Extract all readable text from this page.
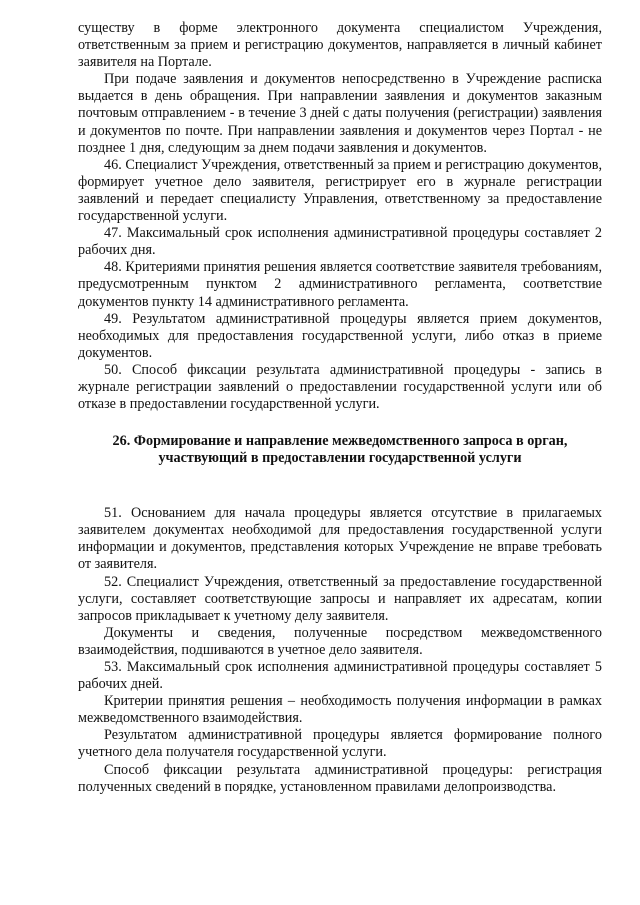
существу в форме электронного документа специалистом Учреждения, ответственным за прием и регистрацию документов, направляется в личный кабинет заявителя на Портале.

При подаче заявления и документов непосредственно в Учреждение расписка выдается в день обращения. При направлении заявления и документов заказным почтовым отправлением - в течение 3 дней с даты получения (регистрации) заявления и документов по почте. При направлении заявления и документов через Портал - не позднее 1 дня, следующим за днем подачи заявления и документов.

46. Специалист Учреждения, ответственный за прием и регистрацию документов, формирует учетное дело заявителя, регистрирует его в журнале регистрации заявлений и передает специалисту Управления, ответственному за предоставление государственной услуги.

47. Максимальный срок исполнения административной процедуры составляет 2 рабочих дня.

48. Критериями принятия решения является соответствие заявителя требованиям, предусмотренным пунктом 2 административного регламента, соответствие документов пункту 14 административного регламента.

49. Результатом административной процедуры является прием документов, необходимых для предоставления государственной услуги, либо отказ в приеме документов.

50. Способ фиксации результата административной процедуры - запись в журнале регистрации заявлений о предоставлении государственной услуги или об отказе в предоставлении государственной услуги.

26. Формирование и направление межведомственного запроса в орган,
участвующий в предоставлении государственной услуги

51. Основанием для начала процедуры является отсутствие в прилагаемых заявителем документах необходимой для предоставления государственной услуги информации и документов, представления которых Учреждение не вправе требовать от заявителя.

52. Специалист Учреждения, ответственный за предоставление государственной услуги, составляет соответствующие запросы и направляет их адресатам, копии запросов прикладывает к учетному делу заявителя.

Документы и сведения, полученные посредством межведомственного взаимодействия, подшиваются в учетное дело заявителя.

53. Максимальный срок исполнения административной процедуры составляет 5 рабочих дней.

Критерии принятия решения – необходимость получения информации в рамках межведомственного взаимодействия.

Результатом административной процедуры является формирование полного учетного дела получателя государственной услуги.

Способ фиксации результата административной процедуры: регистрация полученных сведений в порядке, установленном правилами делопроизводства.
